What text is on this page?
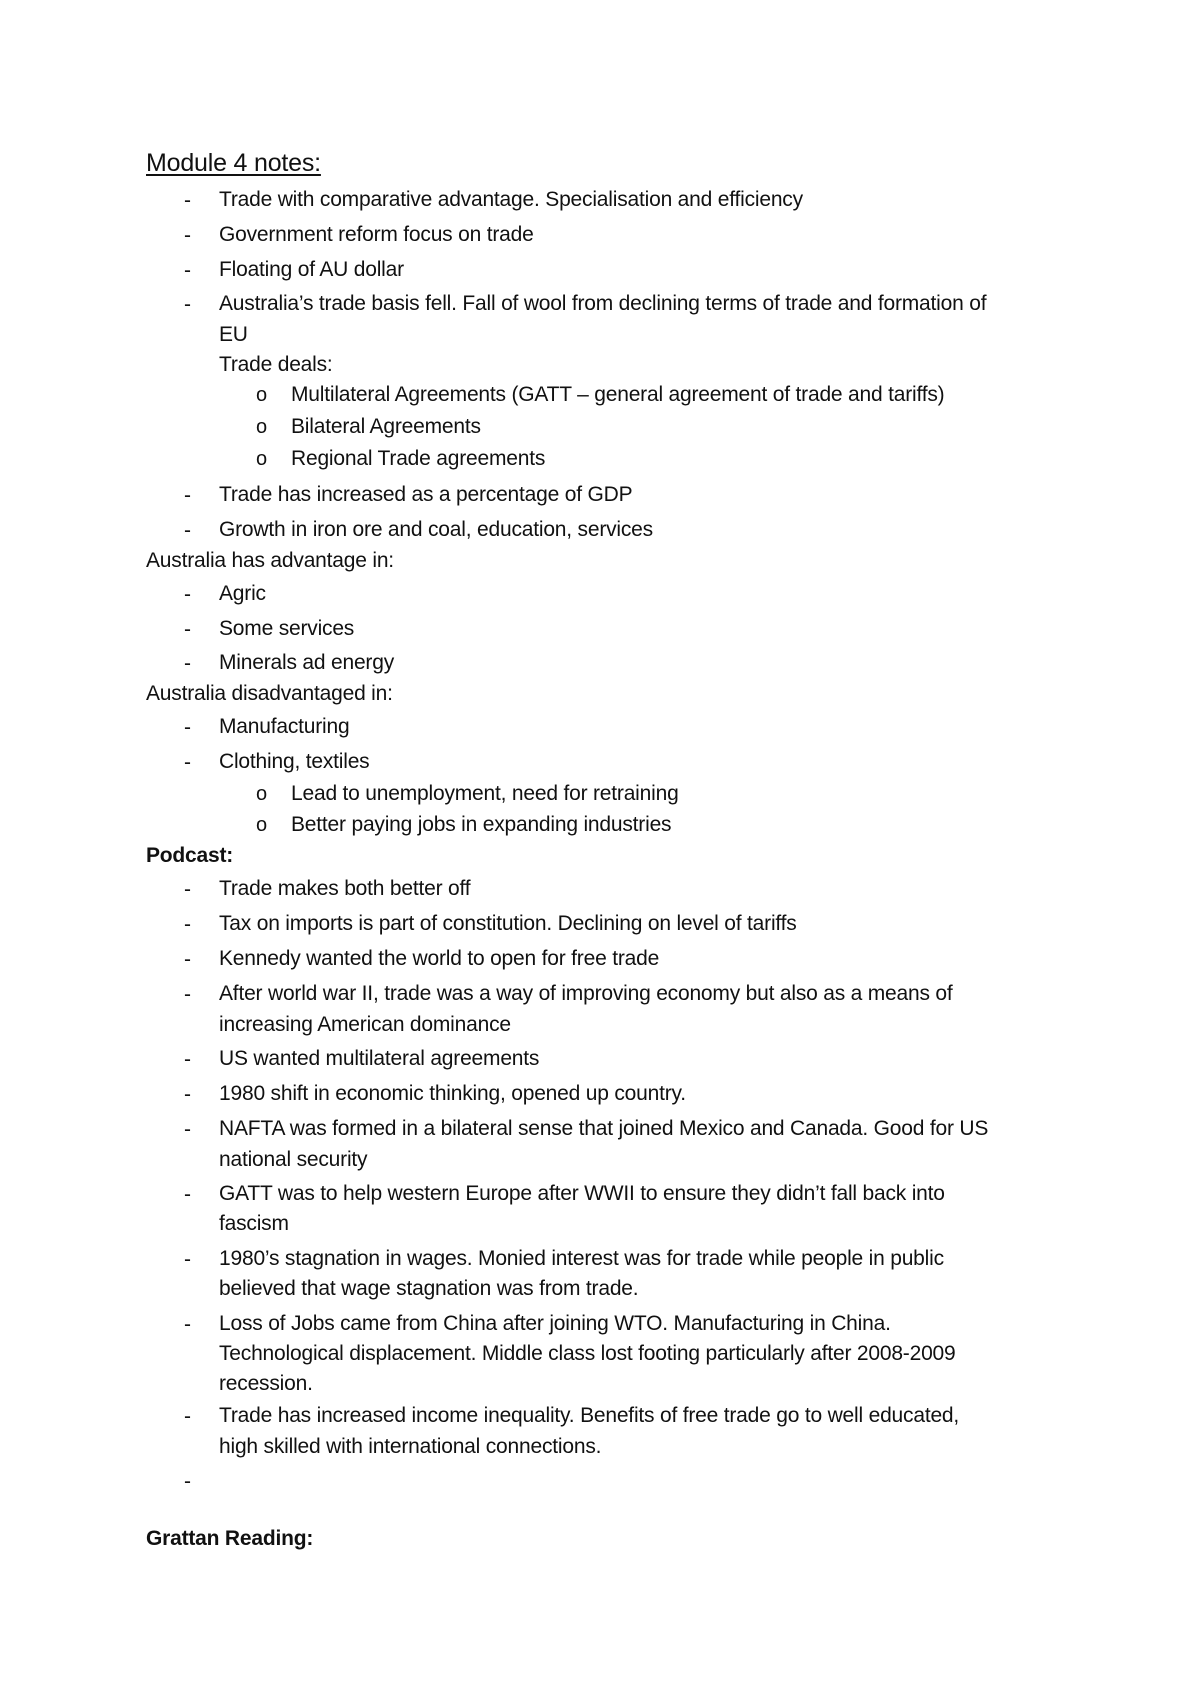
Module 4 notes:
- Trade with comparative advantage. Specialisation and efficiency
- Government reform focus on trade
- Floating of AU dollar
- Australia’s trade basis fell. Fall of wool from declining terms of trade and formation of
EU
Trade deals:
o Multilateral Agreements (GATT – general agreement of trade and tariffs)
o Bilateral Agreements
o Regional Trade agreements
- Trade has increased as a percentage of GDP
- Growth in iron ore and coal, education, services
Australia has advantage in:
- Agric
- Some services
- Minerals ad energy
Australia disadvantaged in:
- Manufacturing
- Clothing, textiles
o Lead to unemployment, need for retraining
o Better paying jobs in expanding industries
Podcast:
- Trade makes both better off
- Tax on imports is part of constitution. Declining on level of tariffs
- Kennedy wanted the world to open for free trade
- After world war II, trade was a way of improving economy but also as a means of
increasing American dominance
- US wanted multilateral agreements
- 1980 shift in economic thinking, opened up country.
- NAFTA was formed in a bilateral sense that joined Mexico and Canada. Good for US
national security
- GATT was to help western Europe after WWII to ensure they didn’t fall back into
fascism
- 1980’s stagnation in wages. Monied interest was for trade while people in public
believed that wage stagnation was from trade.
- Loss of Jobs came from China after joining WTO. Manufacturing in China.
Technological displacement. Middle class lost footing particularly after 2008-2009
recession.
- Trade has increased income inequality. Benefits of free trade go to well educated,
high skilled with international connections.
-
Grattan Reading:
